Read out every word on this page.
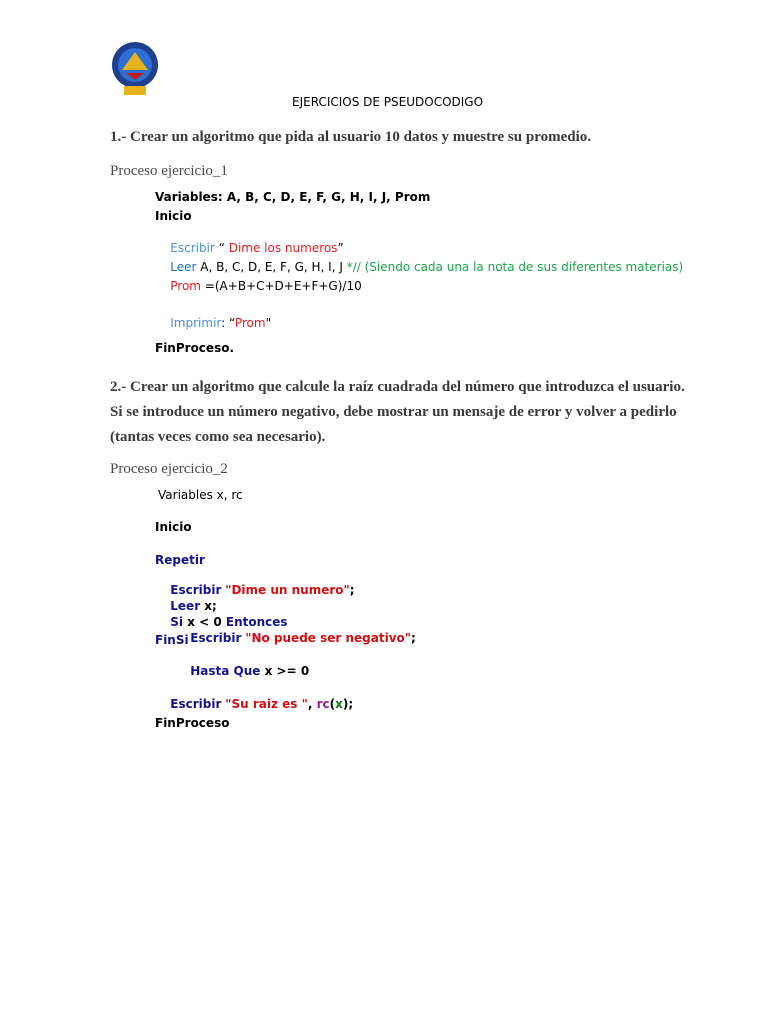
EJERCICIOS DE PSEUDOCODIGO
1.- Crear un algoritmo que pida al usuario 10 datos y muestre su promedio.
Proceso ejercicio_1
Variables: A, B, C, D, E, F, G, H, I, J, Prom
Inicio

Escribir “ Dime los numeros”

Leer A, B, C, D, E, F, G, H, I, J *// (Siendo cada una la nota de sus diferentes materias)

Prom =(A+B+C+D+E+F+G)/10

Imprimir: “Prom"

FinProceso.
2.- Crear un algoritmo que calcule la raíz cuadrada del número que introduzca el usuario.
Si se introduce un número negativo, debe mostrar un mensaje de error y volver a pedirlo
(tantas veces como sea necesario).
Proceso ejercicio_2
Variables x, rc
Inicio
Repetir

Escribir "Dime un numero";

Leer x;

Si x < 0 Entonces

Escribir "No puede ser negativo";

FinSi

Hasta Que x >= 0

Escribir "Su raiz es ", rc(x);

FinProceso
